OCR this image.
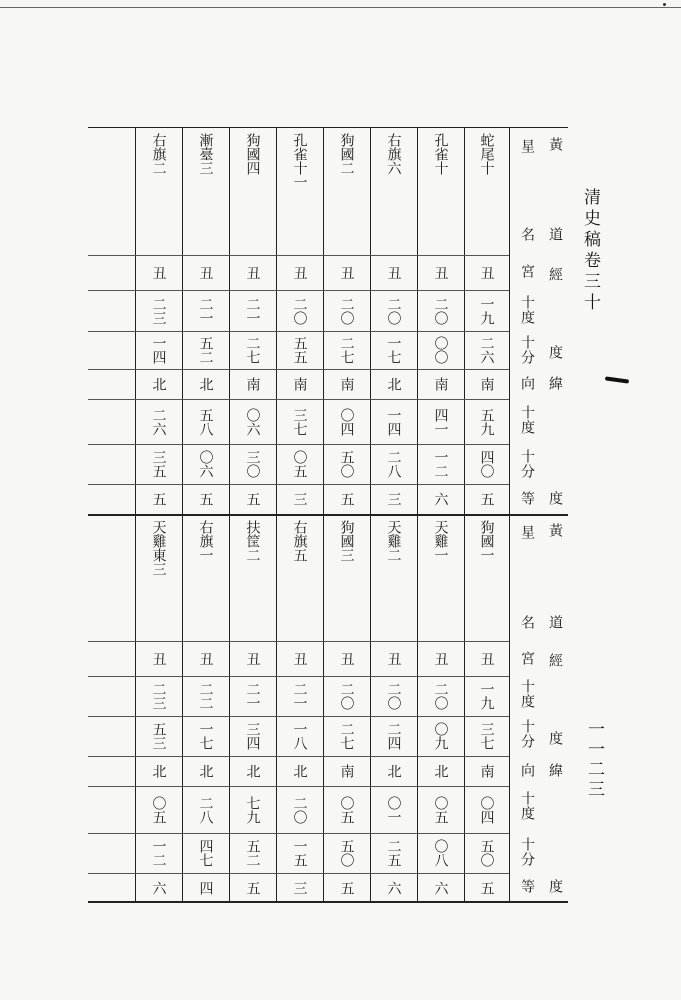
清史稿卷三十
一一二三
蛇尾十
孔雀十
右旗六
狗國二
孔雀十一
狗國四
漸臺三
右旗二
丑
丑
丑
丑
丑
丑
丑
丑
一九
二〇
二〇
二〇
二〇
二一
二一
二三
二六
〇〇
一七
二七
五五
二七
五二
一四
南
南
北
南
南
南
北
北
五九
四一
一四
〇四
三七
〇六
五八
二六
四〇
一二
二八
五〇
〇五
三〇
〇六
三五
五
六
三
五
三
五
五
五
狗國一
天雞一
天雞二
狗國三
右旗五
扶筐二
右旗一
天雞東三
丑
丑
丑
丑
丑
丑
丑
丑
一九
二〇
二〇
二〇
二一
二一
二二
二三
三七
〇九
二四
二七
一八
三四
一七
五三
南
北
北
南
北
北
北
北
〇四
〇五
〇一
〇五
二〇
七九
二八
〇五
五〇
〇八
二五
五〇
一五
五二
四七
一二
五
六
六
五
三
五
四
六
星
名
宮
十度
十分
向
十度
十分
等
黃
道
經
度
緯
度
星
名
宮
十度
十分
向
十度
十分
等
黃
道
經
度
緯
度
